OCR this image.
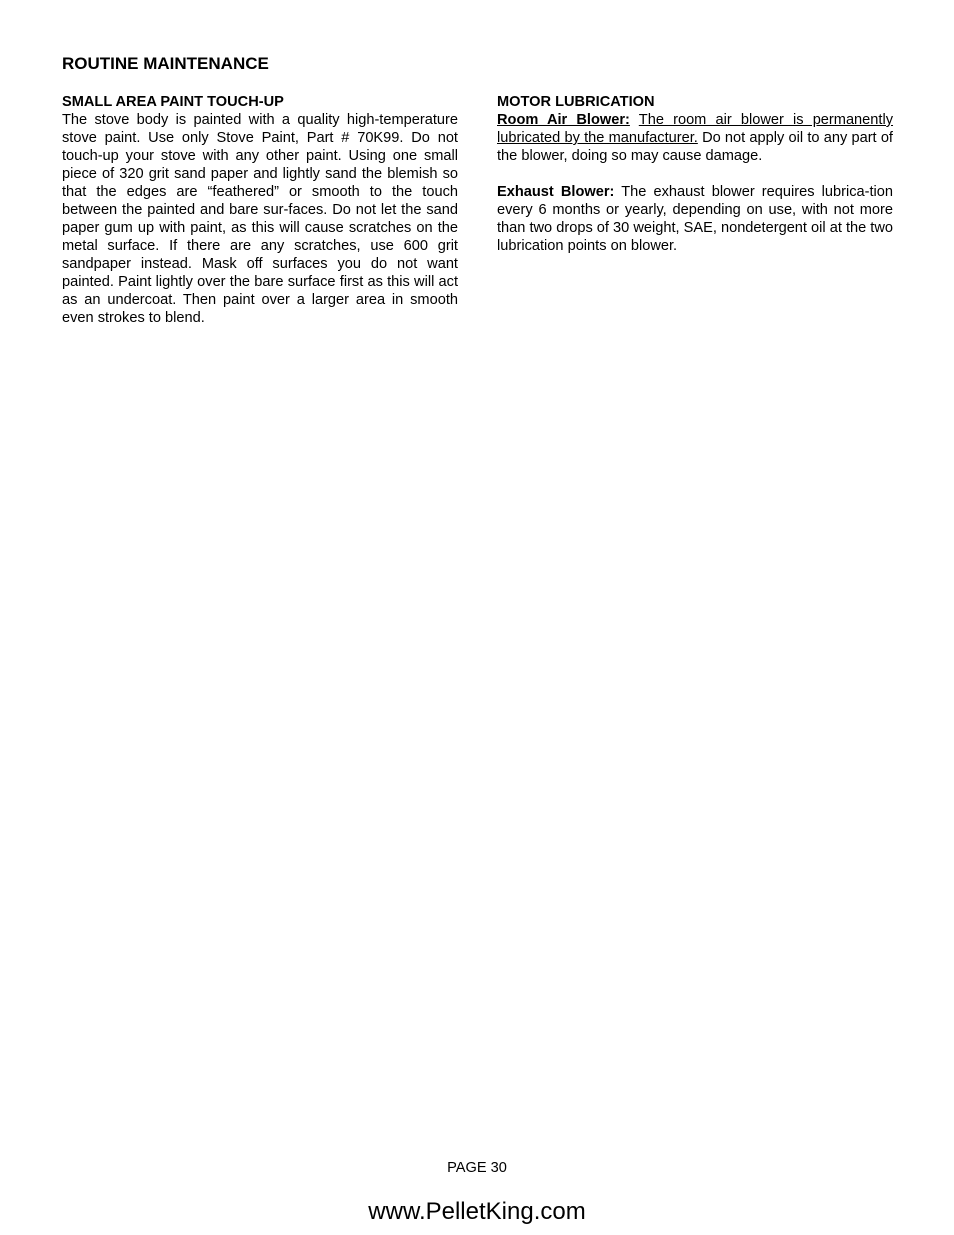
ROUTINE MAINTENANCE
SMALL AREA PAINT TOUCH-UP

The stove body is painted with a quality high-temperature stove paint. Use only Stove Paint, Part # 70K99. Do not touch-up your stove with any other paint. Using one small piece of 320 grit sand paper and lightly sand the blemish so that the edges are “feathered” or smooth to the touch between the painted and bare sur-faces. Do not let the sand paper gum up with paint, as this will cause scratches on the metal surface. If there are any scratches, use 600 grit sandpaper instead. Mask off surfaces you do not want painted. Paint lightly over the bare surface first as this will act as an undercoat. Then paint over a larger area in smooth even strokes to blend.

MOTOR LUBRICATION

Room Air Blower: The room air blower is permanently lubricated by the manufacturer. Do not apply oil to any part of the blower, doing so may cause damage.

Exhaust Blower: The exhaust blower requires lubrica-tion every 6 months or yearly, depending on use, with not more than two drops of 30 weight, SAE, nondetergent oil at the two lubrication points on blower.

PAGE 30
www.PelletKing.com
